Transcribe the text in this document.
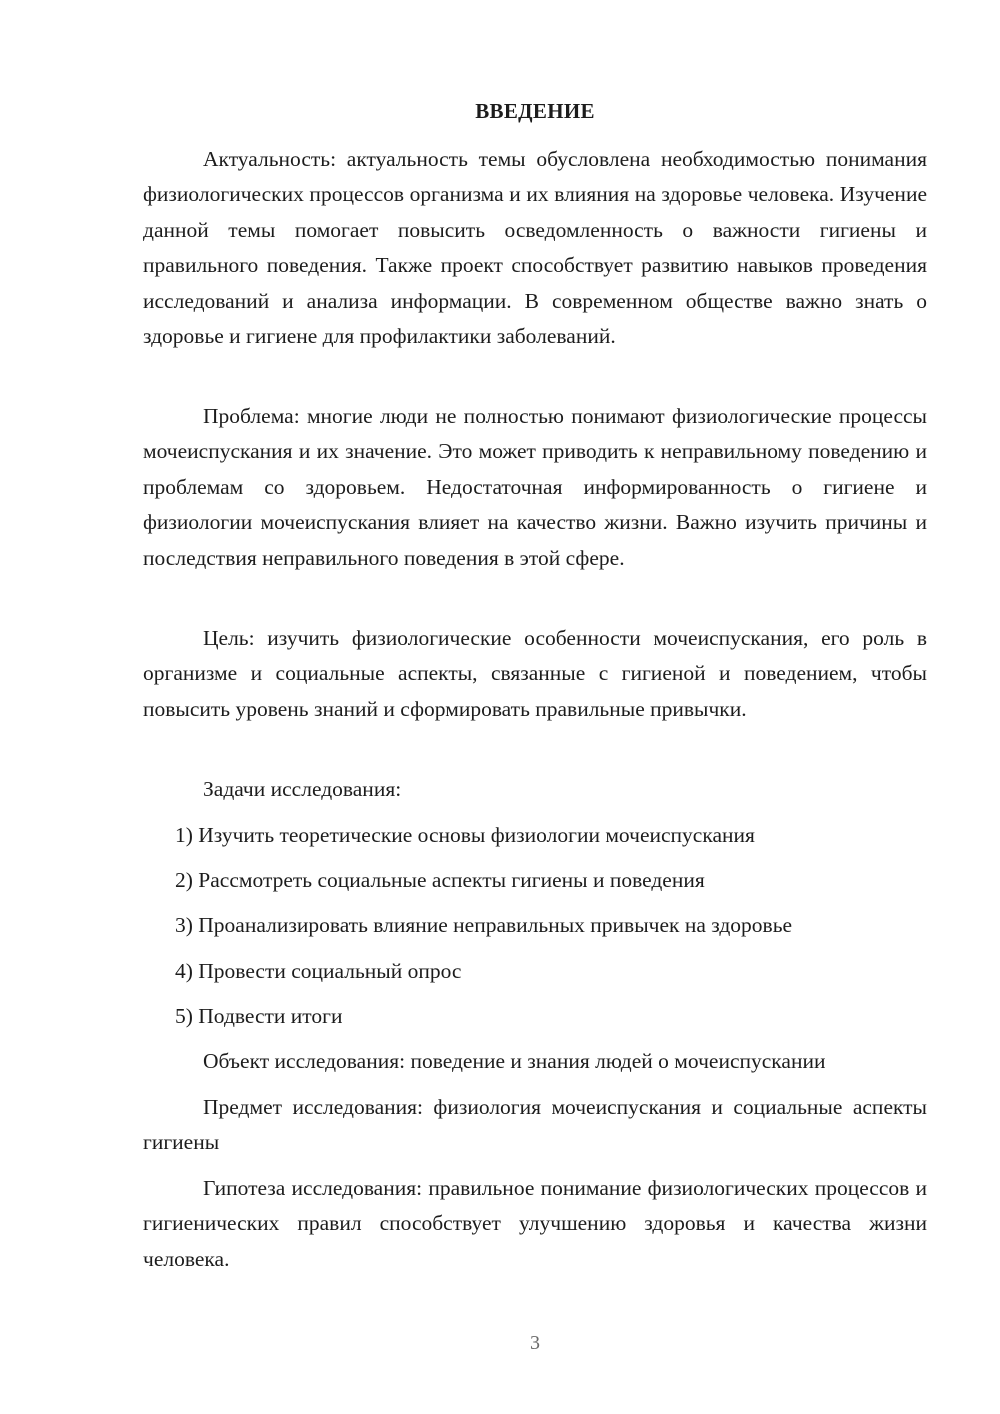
ВВЕДЕНИЕ

Актуальность: актуальность темы обусловлена необходимостью понимания физиологических процессов организма и их влияния на здоровье человека. Изучение данной темы помогает повысить осведомленность о важности гигиены и правильного поведения. Также проект способствует развитию навыков проведения исследований и анализа информации. В современном обществе важно знать о здоровье и гигиене для профилактики заболеваний.

Проблема: многие люди не полностью понимают физиологические процессы мочеиспускания и их значение. Это может приводить к неправильному поведению и проблемам со здоровьем. Недостаточная информированность о гигиене и физиологии мочеиспускания влияет на качество жизни. Важно изучить причины и последствия неправильного поведения в этой сфере.

Цель: изучить физиологические особенности мочеиспускания, его роль в организме и социальные аспекты, связанные с гигиеной и поведением, чтобы повысить уровень знаний и сформировать правильные привычки.

Задачи исследования:
1) Изучить теоретические основы физиологии мочеиспускания
2) Рассмотреть социальные аспекты гигиены и поведения
3) Проанализировать влияние неправильных привычек на здоровье
4) Провести социальный опрос
5) Подвести итоги
Объект исследования: поведение и знания людей о мочеиспускании

Предмет исследования: физиология мочеиспускания и социальные аспекты гигиены

Гипотеза исследования: правильное понимание физиологических процессов и гигиенических правил способствует улучшению здоровья и качества жизни человека.

3
